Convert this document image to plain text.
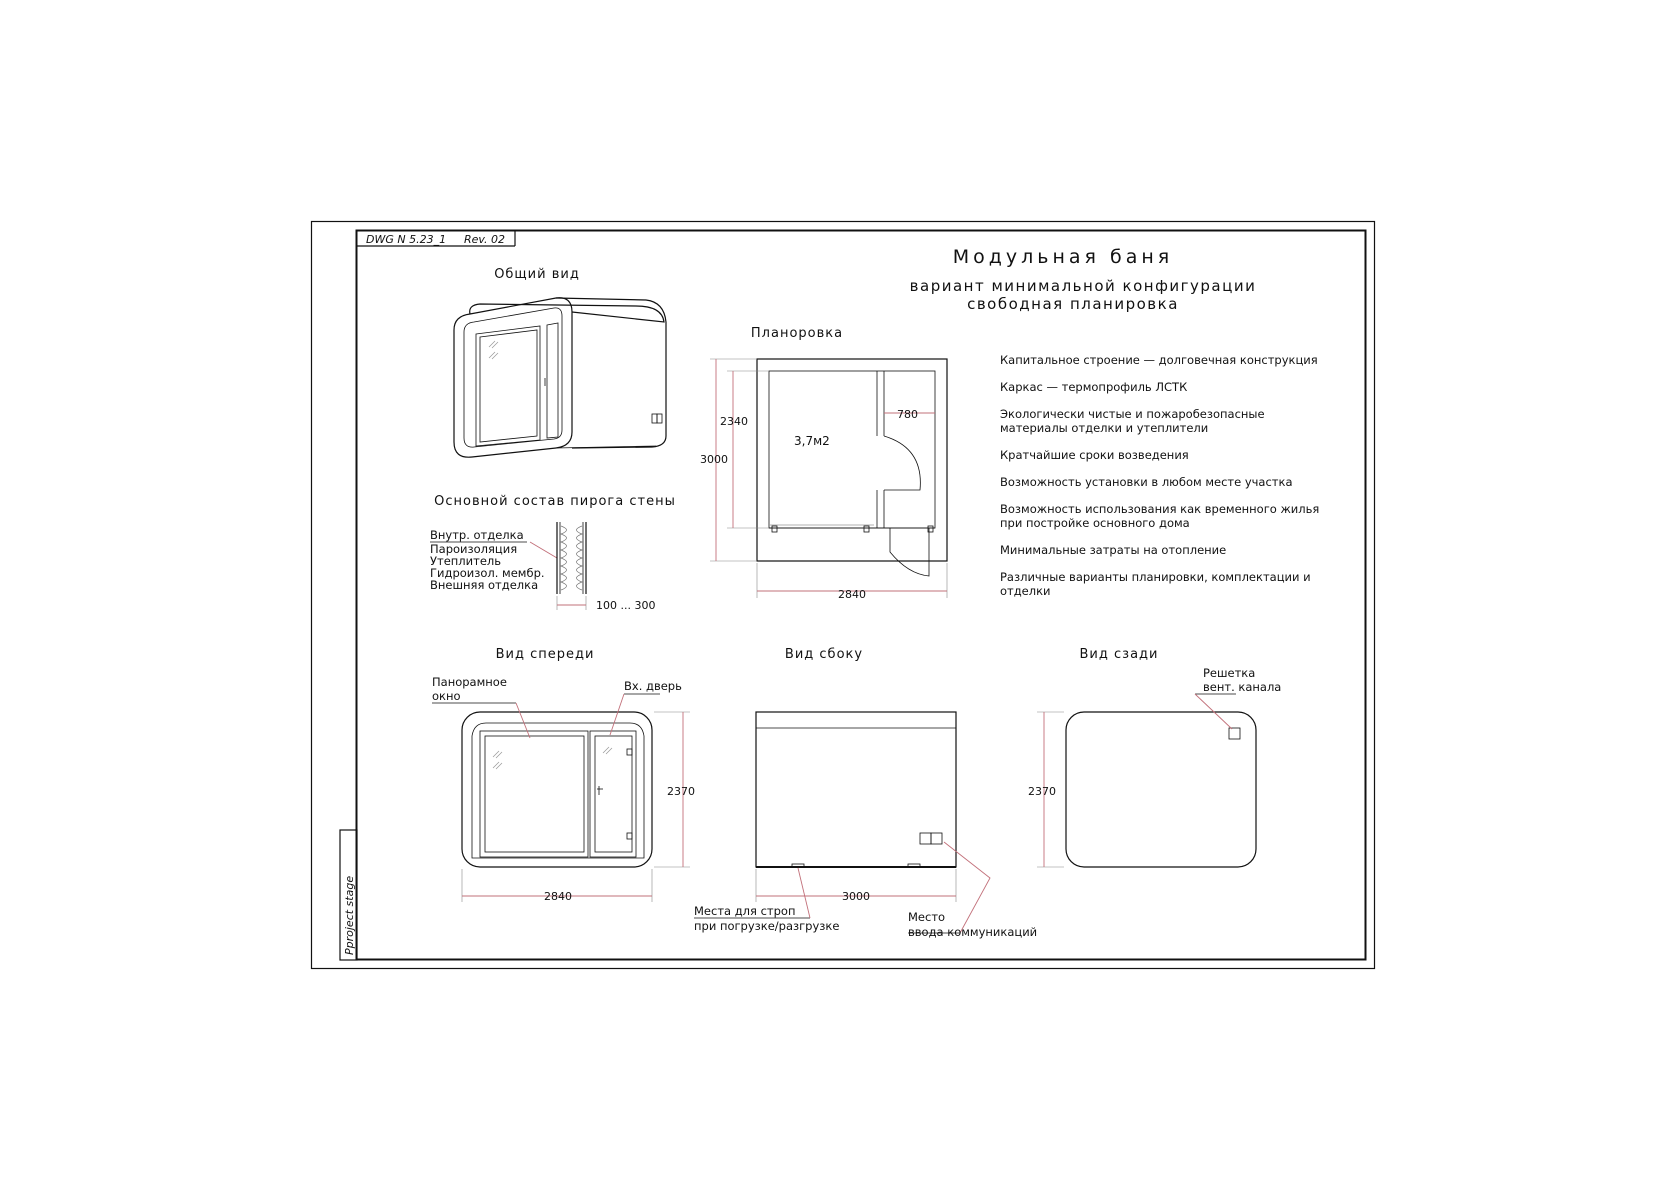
DWG N 5.23_1 Rev. 02
Pproject stage
Модульная баня
вариант минимальной конфигурации
свободная планировка
Общий вид
Основной состав пирога стены
Внутр. отделка
Пароизоляция
Утеплитель
Гидроизол. мембр.
Внешняя отделка
100 ... 300
Планоровка
3,7м2
2340
3000
2840
780
Капитальное строение — долговечная конструкция
Каркас — термопрофиль ЛСТК
Экологически чистые и пожаробезопасные
материалы отделки и утеплители
Кратчайшие сроки возведения
Возможность установки в любом месте участка
Возможность использования как временного жилья
при постройке основного дома
Минимальные затраты на отопление
Различные варианты планировки, комплектации и
отделки
Вид спереди
Панорамное
окно
Вх. дверь
2370
2840
Вид сбоку
3000
Места для строп
при погрузке/разгрузке
Место
ввода коммуникаций
Вид сзади
Решетка
вент. канала
2370
